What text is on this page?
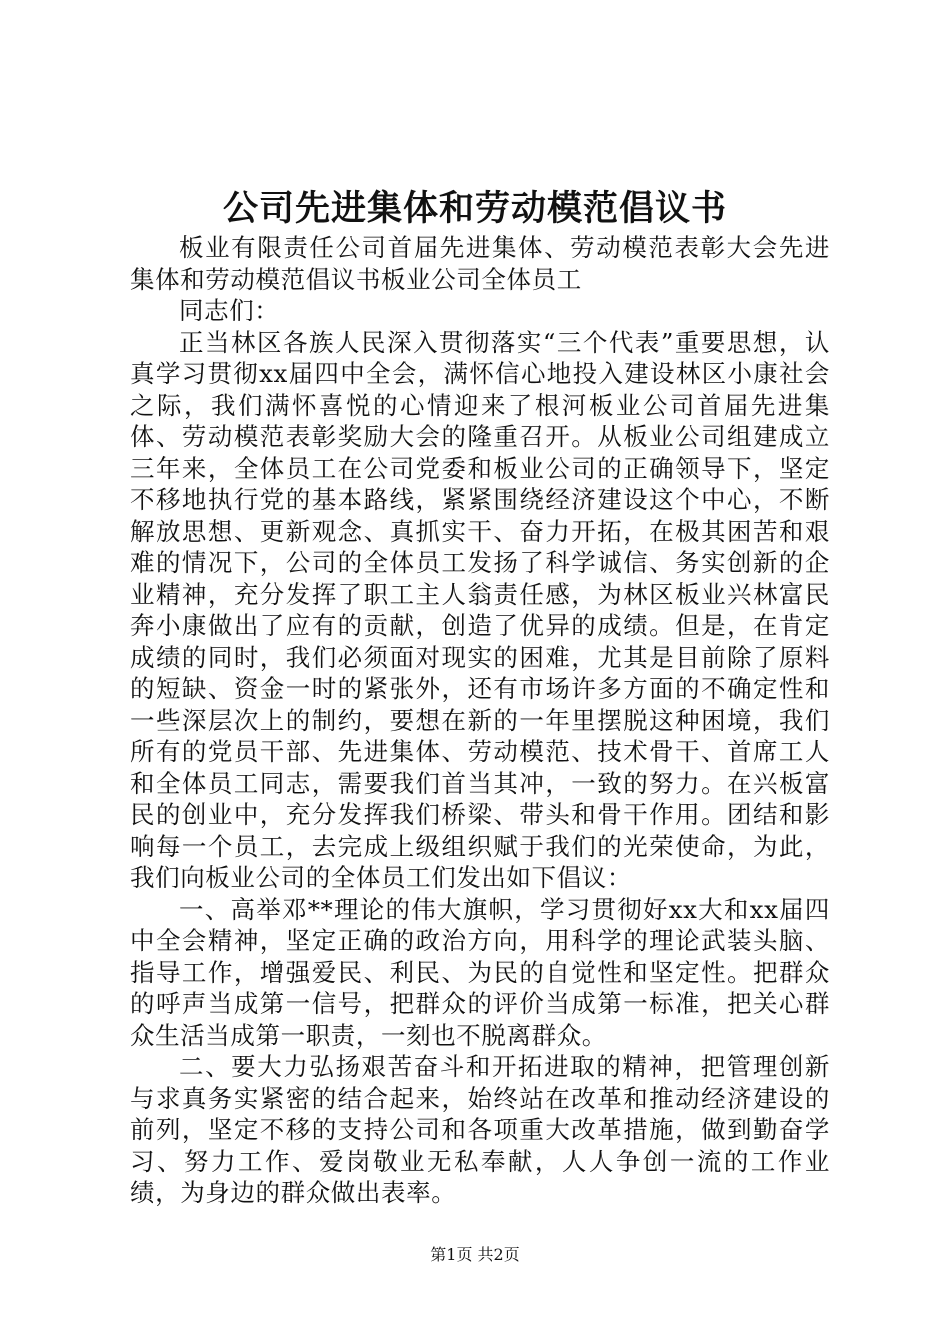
公司先进集体和劳动模范倡议书

板业有限责任公司首届先进集体、劳动模范表彰大会先进集体和劳动模范倡议书板业公司全体员工

同志们：

正当林区各族人民深入贯彻落实“三个代表”重要思想，认真学习贯彻xx届四中全会，满怀信心地投入建设林区小康社会之际，我们满怀喜悦的心情迎来了根河板业公司首届先进集体、劳动模范表彰奖励大会的隆重召开。从板业公司组建成立三年来，全体员工在公司党委和板业公司的正确领导下，坚定不移地执行党的基本路线，紧紧围绕经济建设这个中心，不断解放思想、更新观念、真抓实干、奋力开拓，在极其困苦和艰难的情况下，公司的全体员工发扬了科学诚信、务实创新的企业精神，充分发挥了职工主人翁责任感，为林区板业兴林富民奔小康做出了应有的贡献，创造了优异的成绩。但是，在肯定成绩的同时，我们必须面对现实的困难，尤其是目前除了原料的短缺、资金一时的紧张外，还有市场许多方面的不确定性和一些深层次上的制约，要想在新的一年里摆脱这种困境，我们所有的党员干部、先进集体、劳动模范、技术骨干、首席工人和全体员工同志，需要我们首当其冲，一致的努力。在兴板富民的创业中，充分发挥我们桥梁、带头和骨干作用。团结和影响每一个员工，去完成上级组织赋于我们的光荣使命，为此，我们向板业公司的全体员工们发出如下倡议：

一、高举邓**理论的伟大旗帜，学习贯彻好xx大和xx届四中全会精神，坚定正确的政治方向，用科学的理论武装头脑、指导工作，增强爱民、利民、为民的自觉性和坚定性。把群众的呼声当成第一信号，把群众的评价当成第一标准，把关心群众生活当成第一职责，一刻也不脱离群众。

二、要大力弘扬艰苦奋斗和开拓进取的精神，把管理创新与求真务实紧密的结合起来，始终站在改革和推动经济建设的前列，坚定不移的支持公司和各项重大改革措施，做到勤奋学习、努力工作、爱岗敬业无私奉献，人人争创一流的工作业绩，为身边的群众做出表率。

第1页 共2页
